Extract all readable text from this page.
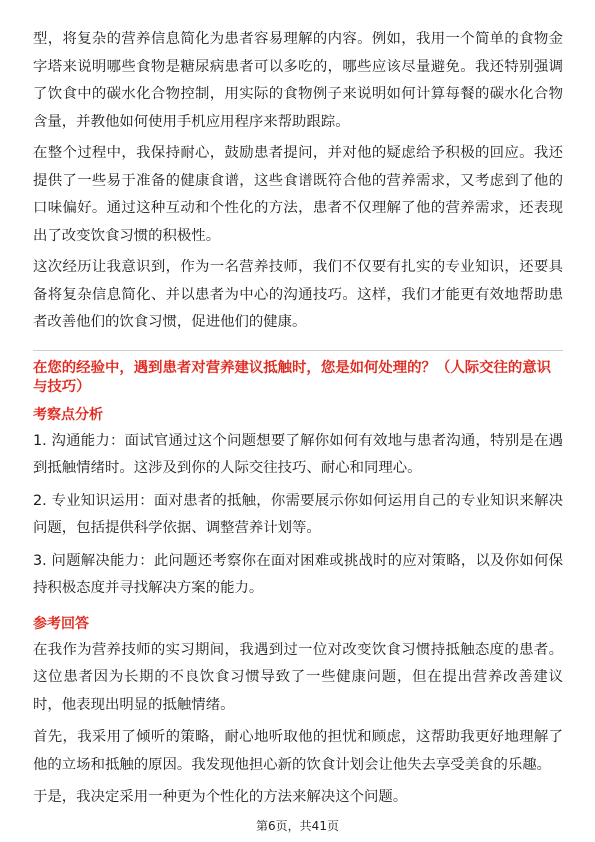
型，将复杂的营养信息简化为患者容易理解的内容。例如，我用一个简单的食物金字塔来说明哪些食物是糖尿病患者可以多吃的，哪些应该尽量避免。我还特别强调了饮食中的碳水化合物控制，用实际的食物例子来说明如何计算每餐的碳水化合物含量，并教他如何使用手机应用程序来帮助跟踪。

在整个过程中，我保持耐心，鼓励患者提问，并对他的疑虑给予积极的回应。我还提供了一些易于准备的健康食谱，这些食谱既符合他的营养需求，又考虑到了他的口味偏好。通过这种互动和个性化的方法，患者不仅理解了他的营养需求，还表现出了改变饮食习惯的积极性。

这次经历让我意识到，作为一名营养技师，我们不仅要有扎实的专业知识，还要具备将复杂信息简化、并以患者为中心的沟通技巧。这样，我们才能更有效地帮助患者改善他们的饮食习惯，促进他们的健康。

在您的经验中，遇到患者对营养建议抵触时，您是如何处理的？（人际交往的意识与技巧）

考察点分析

1. 沟通能力：面试官通过这个问题想要了解你如何有效地与患者沟通，特别是在遇到抵触情绪时。这涉及到你的人际交往技巧、耐心和同理心。

2. 专业知识运用：面对患者的抵触，你需要展示你如何运用自己的专业知识来解决问题，包括提供科学依据、调整营养计划等。

3. 问题解决能力：此问题还考察你在面对困难或挑战时的应对策略，以及你如何保持积极态度并寻找解决方案的能力。

参考回答

在我作为营养技师的实习期间，我遇到过一位对改变饮食习惯持抵触态度的患者。这位患者因为长期的不良饮食习惯导致了一些健康问题，但在提出营养改善建议时，他表现出明显的抵触情绪。

首先，我采用了倾听的策略，耐心地听取他的担忧和顾虑，这帮助我更好地理解了他的立场和抵触的原因。我发现他担心新的饮食计划会让他失去享受美食的乐趣。

于是，我决定采用一种更为个性化的方法来解决这个问题。

第6页，共41页
